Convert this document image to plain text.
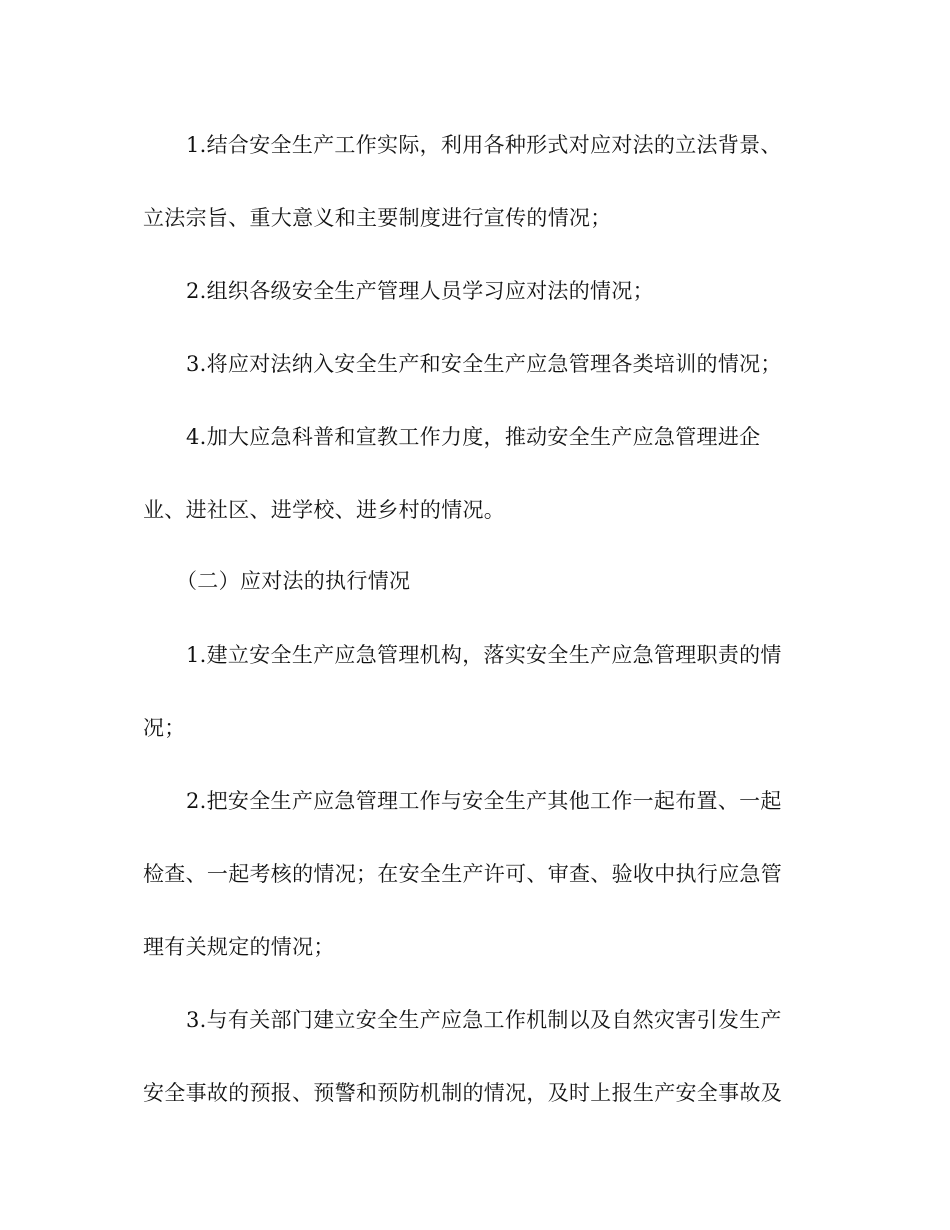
1.结合安全生产工作实际，利用各种形式对应对法的立法背景、
立法宗旨、重大意义和主要制度进行宣传的情况；
2.组织各级安全生产管理人员学习应对法的情况；
3.将应对法纳入安全生产和安全生产应急管理各类培训的情况；
4.加大应急科普和宣教工作力度，推动安全生产应急管理进企
业、进社区、进学校、进乡村的情况。
（二）应对法的执行情况
1.建立安全生产应急管理机构，落实安全生产应急管理职责的情
况；
2.把安全生产应急管理工作与安全生产其他工作一起布置、一起
检查、一起考核的情况；在安全生产许可、审查、验收中执行应急管
理有关规定的情况；
3.与有关部门建立安全生产应急工作机制以及自然灾害引发生产
安全事故的预报、预警和预防机制的情况，及时上报生产安全事故及
